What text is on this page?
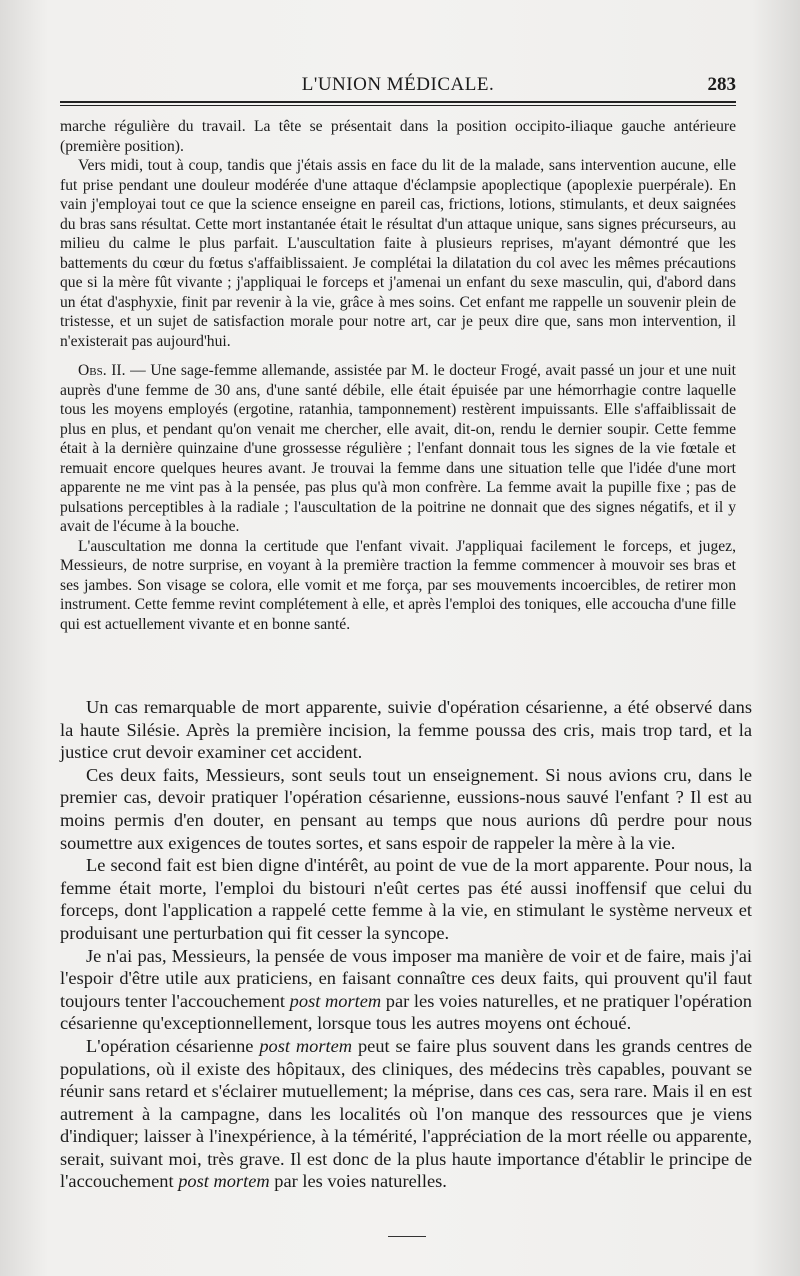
L'UNION MÉDICALE.	283

marche régulière du travail. La tête se présentait dans la position occipito-iliaque gauche antérieure (première position).

Vers midi, tout à coup, tandis que j'étais assis en face du lit de la malade, sans intervention aucune, elle fut prise pendant une douleur modérée d'une attaque d'éclampsie apoplectique (apoplexie puerpérale). En vain j'employai tout ce que la science enseigne en pareil cas, frictions, lotions, stimulants, et deux saignées du bras sans résultat. Cette mort instantanée était le résultat d'un attaque unique, sans signes précurseurs, au milieu du calme le plus parfait. L'auscultation faite à plusieurs reprises, m'ayant démontré que les battements du cœur du fœtus s'affaiblissaient. Je complétai la dilatation du col avec les mêmes précautions que si la mère fût vivante ; j'appliquai le forceps et j'amenai un enfant du sexe masculin, qui, d'abord dans un état d'asphyxie, finit par revenir à la vie, grâce à mes soins. Cet enfant me rappelle un souvenir plein de tristesse, et un sujet de satisfaction morale pour notre art, car je peux dire que, sans mon intervention, il n'existerait pas aujourd'hui.

Obs. II. — Une sage-femme allemande, assistée par M. le docteur Frogé, avait passé un jour et une nuit auprès d'une femme de 30 ans, d'une santé débile, elle était épuisée par une hémorrhagie contre laquelle tous les moyens employés (ergotine, ratanhia, tamponnement) restèrent impuissants. Elle s'affaiblissait de plus en plus, et pendant qu'on venait me chercher, elle avait, dit-on, rendu le dernier soupir. Cette femme était à la dernière quinzaine d'une grossesse régulière ; l'enfant donnait tous les signes de la vie fœtale et remuait encore quelques heures avant. Je trouvai la femme dans une situation telle que l'idée d'une mort apparente ne me vint pas à la pensée, pas plus qu'à mon confrère. La femme avait la pupille fixe ; pas de pulsations perceptibles à la radiale ; l'auscultation de la poitrine ne donnait que des signes négatifs, et il y avait de l'écume à la bouche.

L'auscultation me donna la certitude que l'enfant vivait. J'appliquai facilement le forceps, et jugez, Messieurs, de notre surprise, en voyant à la première traction la femme commencer à mouvoir ses bras et ses jambes. Son visage se colora, elle vomit et me força, par ses mouvements incoercibles, de retirer mon instrument. Cette femme revint complétement à elle, et après l'emploi des toniques, elle accoucha d'une fille qui est actuellement vivante et en bonne santé.

Un cas remarquable de mort apparente, suivie d'opération césarienne, a été observé dans la haute Silésie. Après la première incision, la femme poussa des cris, mais trop tard, et la justice crut devoir examiner cet accident.

Ces deux faits, Messieurs, sont seuls tout un enseignement. Si nous avions cru, dans le premier cas, devoir pratiquer l'opération césarienne, eussions-nous sauvé l'enfant ? Il est au moins permis d'en douter, en pensant au temps que nous aurions dû perdre pour nous soumettre aux exigences de toutes sortes, et sans espoir de rappeler la mère à la vie.

Le second fait est bien digne d'intérêt, au point de vue de la mort apparente. Pour nous, la femme était morte, l'emploi du bistouri n'eût certes pas été aussi inoffensif que celui du forceps, dont l'application a rappelé cette femme à la vie, en stimulant le système nerveux et produisant une perturbation qui fit cesser la syncope.

Je n'ai pas, Messieurs, la pensée de vous imposer ma manière de voir et de faire, mais j'ai l'espoir d'être utile aux praticiens, en faisant connaître ces deux faits, qui prouvent qu'il faut toujours tenter l'accouchement post mortem par les voies naturelles, et ne pratiquer l'opération césarienne qu'exceptionnellement, lorsque tous les autres moyens ont échoué.

L'opération césarienne post mortem peut se faire plus souvent dans les grands centres de populations, où il existe des hôpitaux, des cliniques, des médecins très capables, pouvant se réunir sans retard et s'éclairer mutuellement; la méprise, dans ces cas, sera rare. Mais il en est autrement à la campagne, dans les localités où l'on manque des ressources que je viens d'indiquer; laisser à l'inexpérience, à la témérité, l'appréciation de la mort réelle ou apparente, serait, suivant moi, très grave. Il est donc de la plus haute importance d'établir le principe de l'accouchement post mortem par les voies naturelles.
